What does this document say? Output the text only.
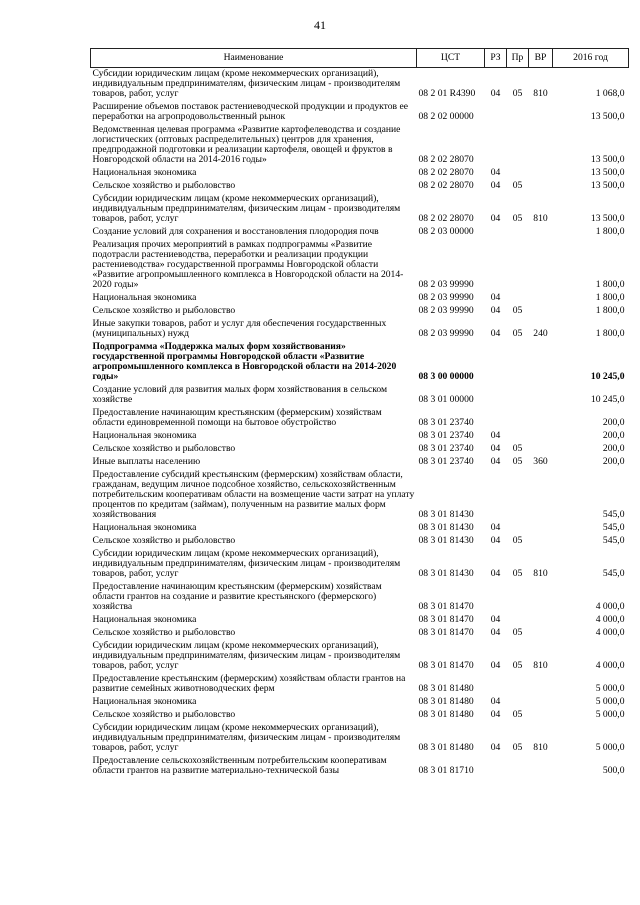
41
Наименование	ЦСТ	РЗ	Пр	ВР	2016 год
Субсидии юридическим лицам (кроме некоммерческих организаций), индивидуальным предпринимателям, физическим лицам - производителям товаров, работ, услуг	08 2 01 R4390	04	05	810	1 068,0
Расширение объемов поставок растениеводческой продукции и продуктов ее переработки на агропродовольственный рынок	08 2 02 00000				13 500,0
Ведомственная целевая программа «Развитие картофелеводства и создание логистических (оптовых распределительных) центров для хранения, предпродажной подготовки и реализации картофеля, овощей и фруктов в Новгородской области на 2014-2016 годы»	08 2 02 28070				13 500,0
Национальная экономика	08 2 02 28070	04			13 500,0
Сельское хозяйство и рыболовство	08 2 02 28070	04	05		13 500,0
Субсидии юридическим лицам (кроме некоммерческих организаций), индивидуальным предпринимателям, физическим лицам - производителям товаров, работ, услуг	08 2 02 28070	04	05	810	13 500,0
Создание условий для сохранения и восстановления плодородия почв	08 2 03 00000				1 800,0
Реализация прочих мероприятий в рамках подпрограммы «Развитие подотрасли растениеводства, переработки и реализации продукции растениеводства» государственной программы Новгородской области «Развитие агропромышленного комплекса в Новгородской области на 2014-2020 годы»	08 2 03 99990				1 800,0
Национальная экономика	08 2 03 99990	04			1 800,0
Сельское хозяйство и рыболовство	08 2 03 99990	04	05		1 800,0
Иные закупки товаров, работ и услуг для обеспечения государственных (муниципальных) нужд	08 2 03 99990	04	05	240	1 800,0
Подпрограмма «Поддержка малых форм хозяйствования» государственной программы Новгородской области «Развитие агропромышленного комплекса в Новгородской области на 2014-2020 годы»	08 3 00 00000				10 245,0
Создание условий для развития малых форм хозяйствования в сельском хозяйстве	08 3 01 00000				10 245,0
Предоставление начинающим крестьянским (фермерским) хозяйствам области единовременной помощи на бытовое обустройство	08 3 01 23740				200,0
Национальная экономика	08 3 01 23740	04			200,0
Сельское хозяйство и рыболовство	08 3 01 23740	04	05		200,0
Иные выплаты населению	08 3 01 23740	04	05	360	200,0
Предоставление субсидий крестьянским (фермерским) хозяйствам области, гражданам, ведущим личное подсобное хозяйство, сельскохозяйственным потребительским кооперативам области на возмещение части затрат на уплату процентов по кредитам (займам), полученным на развитие малых форм хозяйствования	08 3 01 81430				545,0
Национальная экономика	08 3 01 81430	04			545,0
Сельское хозяйство и рыболовство	08 3 01 81430	04	05		545,0
Субсидии юридическим лицам (кроме некоммерческих организаций), индивидуальным предпринимателям, физическим лицам - производителям товаров, работ, услуг	08 3 01 81430	04	05	810	545,0
Предоставление начинающим крестьянским (фермерским) хозяйствам области грантов на создание и развитие крестьянского (фермерского) хозяйства	08 3 01 81470				4 000,0
Национальная экономика	08 3 01 81470	04			4 000,0
Сельское хозяйство и рыболовство	08 3 01 81470	04	05		4 000,0
Субсидии юридическим лицам (кроме некоммерческих организаций), индивидуальным предпринимателям, физическим лицам - производителям товаров, работ, услуг	08 3 01 81470	04	05	810	4 000,0
Предоставление крестьянским (фермерским) хозяйствам области грантов на развитие семейных животноводческих ферм	08 3 01 81480				5 000,0
Национальная экономика	08 3 01 81480	04			5 000,0
Сельское хозяйство и рыболовство	08 3 01 81480	04	05		5 000,0
Субсидии юридическим лицам (кроме некоммерческих организаций), индивидуальным предпринимателям, физическим лицам - производителям товаров, работ, услуг	08 3 01 81480	04	05	810	5 000,0
Предоставление сельскохозяйственным потребительским кооперативам области грантов на развитие материально-технической базы	08 3 01 81710				500,0
